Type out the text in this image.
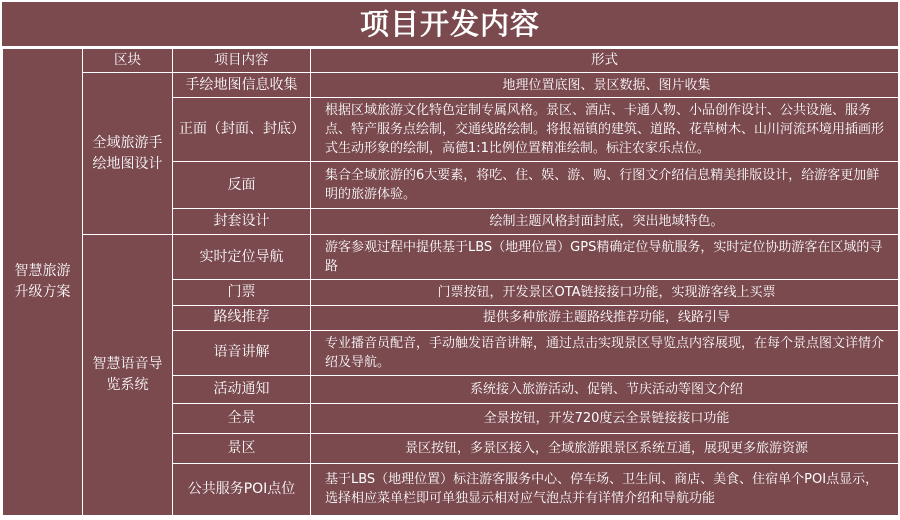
项目开发内容
智慧旅游升级方案	区块	项目内容	形式
	全域旅游手绘地图设计	手绘地图信息收集	地理位置底图、景区数据、图片收集
		正面（封面、封底）	根据区域旅游文化特色定制专属风格。景区、酒店、卡通人物、小品创作设计、公共设施、服务点、特产服务点绘制，交通线路绘制。将报福镇的建筑、道路、花草树木、山川河流环境用插画形式生动形象的绘制，高德1:1比例位置精准绘制。标注农家乐点位。
		反面	集合全域旅游的6大要素，将吃、住、娱、游、购、行图文介绍信息精美排版设计，给游客更加鲜明的旅游体验。
		封套设计	绘制主题风格封面封底，突出地域特色。
	智慧语音导览系统	实时定位导航	游客参观过程中提供基于LBS（地理位置）GPS精确定位导航服务，实时定位协助游客在区域的寻路
		门票	门票按钮，开发景区OTA链接接口功能，实现游客线上买票
		路线推荐	提供多种旅游主题路线推荐功能，线路引导
		语音讲解	专业播音员配音，手动触发语音讲解，通过点击实现景区导览点内容展现，在每个景点图文详情介绍及导航。
		活动通知	系统接入旅游活动、促销、节庆活动等图文介绍
		全景	全景按钮，开发720度云全景链接接口功能
		景区	景区按钮，多景区接入，全域旅游跟景区系统互通，展现更多旅游资源
		公共服务POI点位	基于LBS（地理位置）标注游客服务中心、停车场、卫生间、商店、美食、住宿单个POI点显示，选择相应菜单栏即可单独显示相对应气泡点并有详情介绍和导航功能
